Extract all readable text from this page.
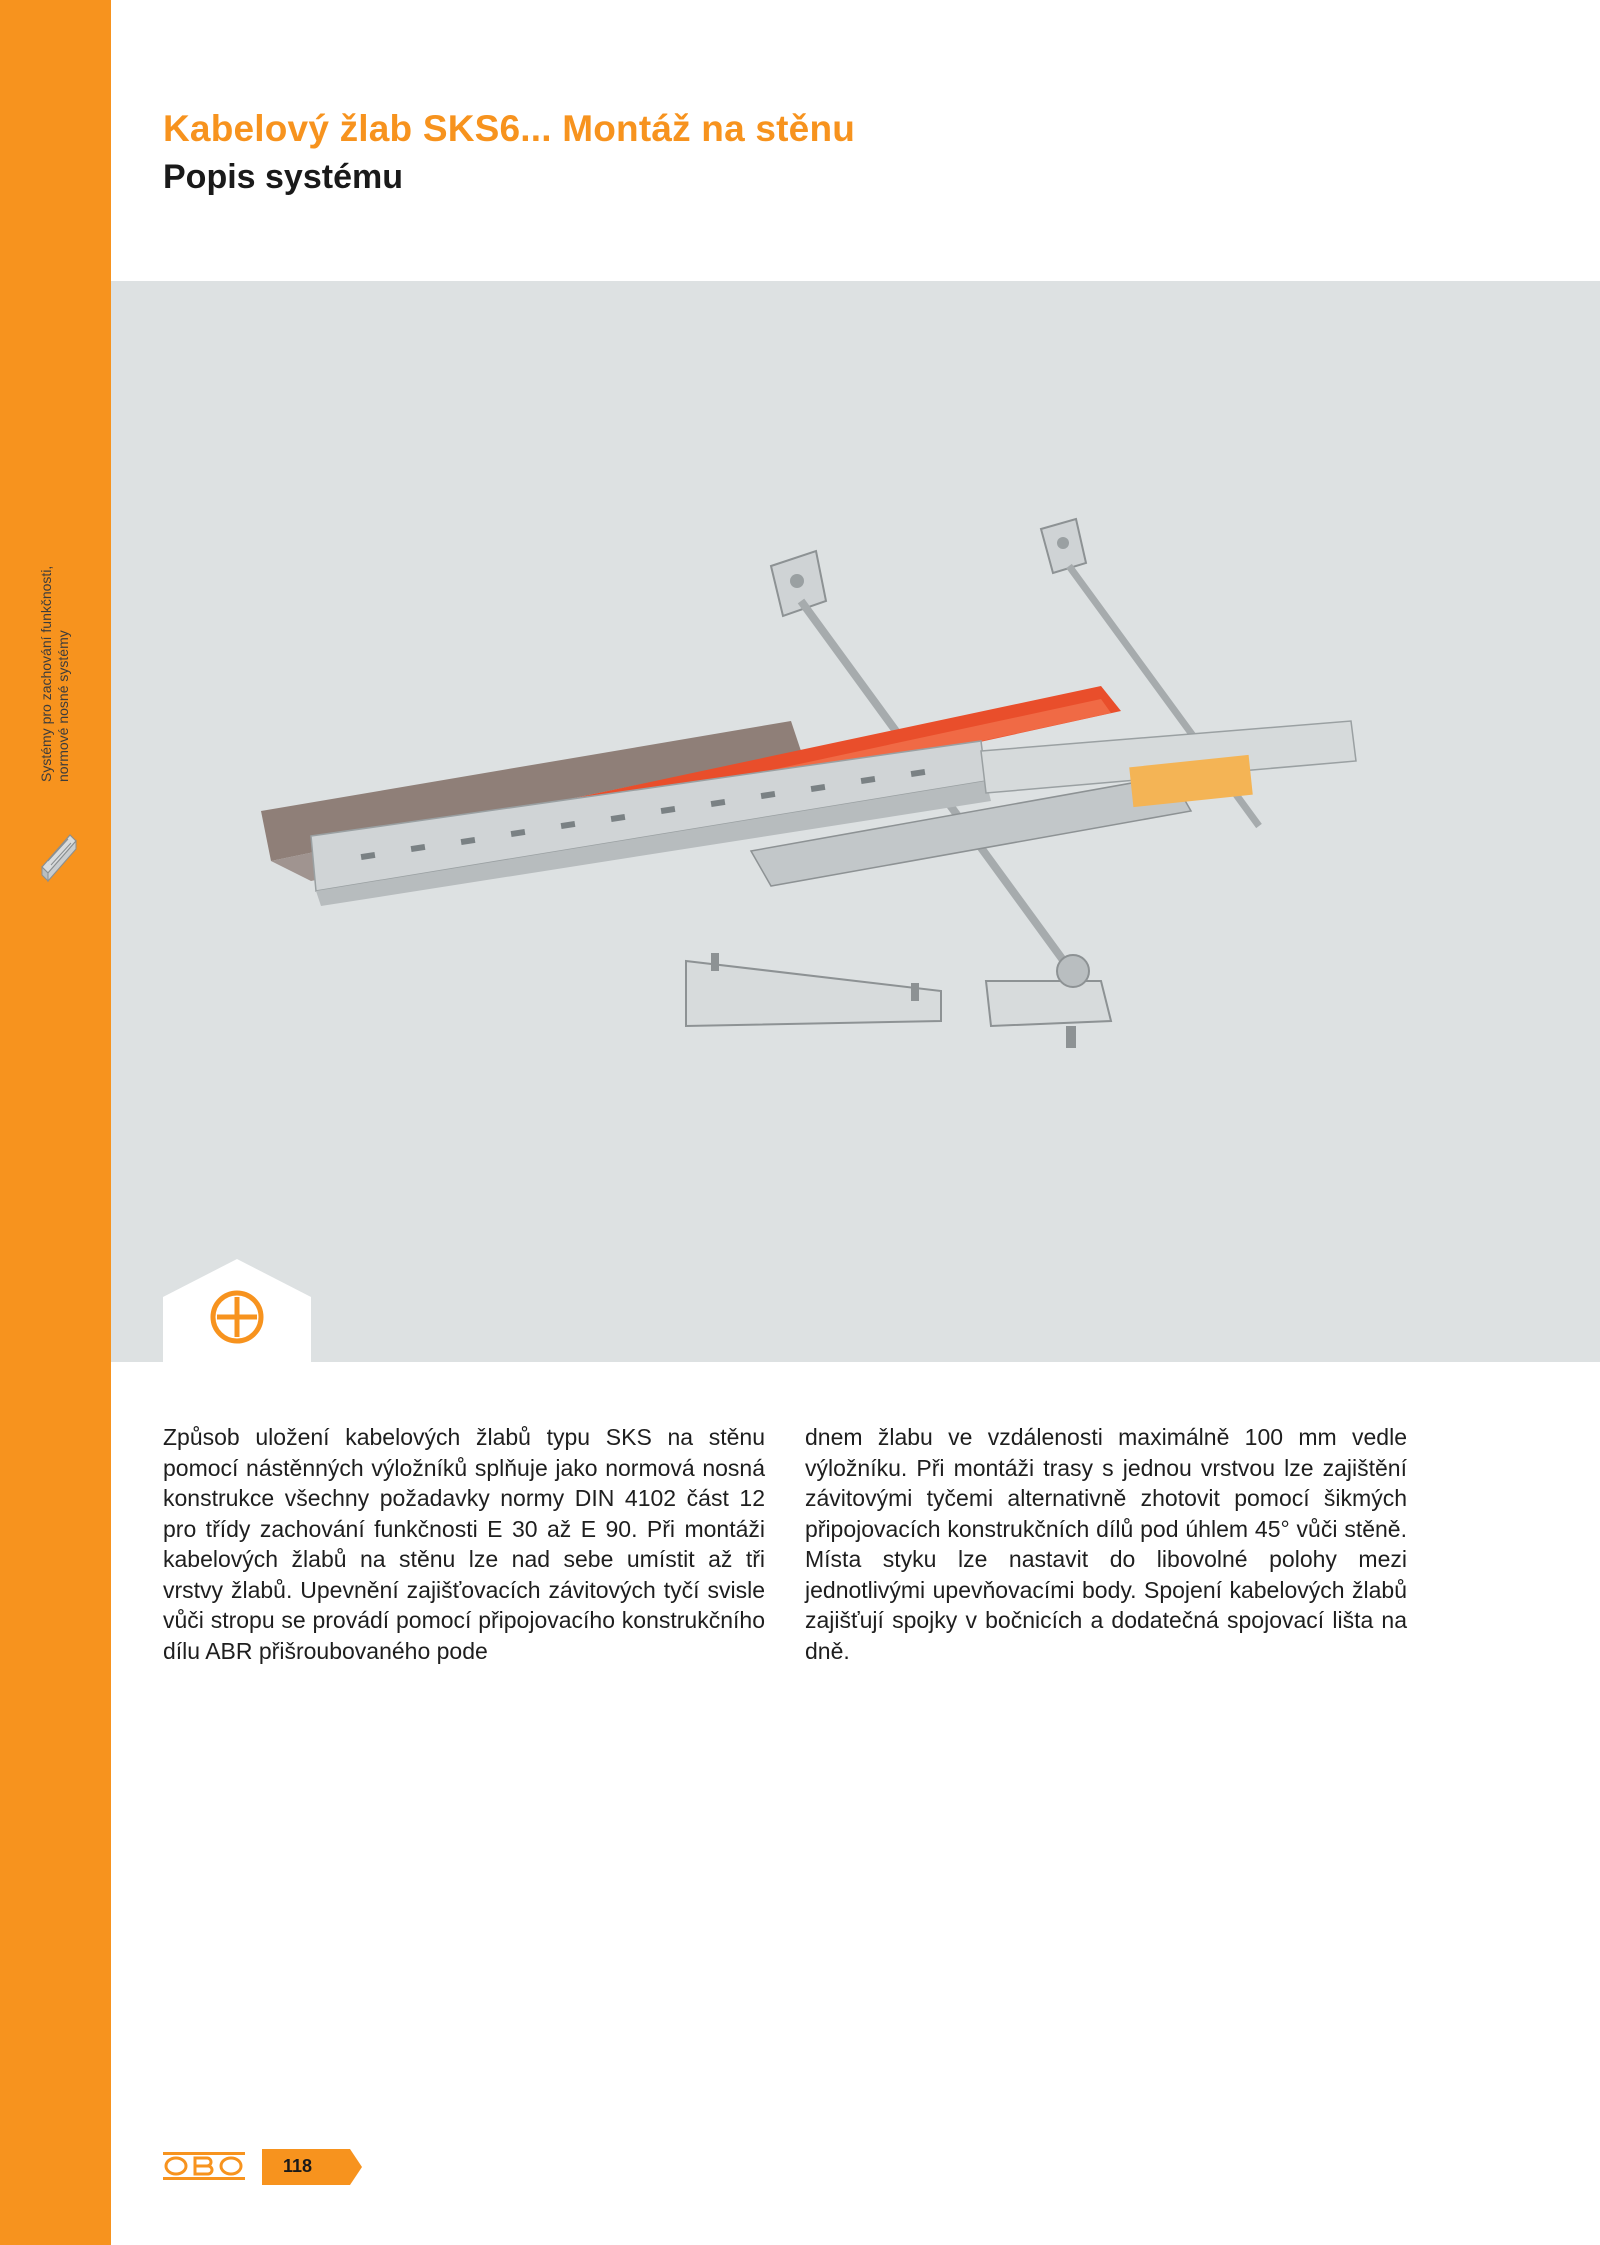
Systémy pro zachování funkčnosti, normové nosné systémy
Kabelový žlab SKS6... Montáž na stěnu
Popis systému

Způsob uložení kabelových žlabů typu SKS na stěnu pomocí nástěnných výložníků splňuje jako normová nosná konstrukce všechny požadavky normy DIN 4102 část 12 pro třídy zachování funkčnosti E 30 až E 90. Při montáži kabelových žlabů na stěnu lze nad sebe umístit až tři vrstvy žlabů. Upevnění zajišťovacích závitových tyčí svisle vůči stropu se provádí pomocí připojovacího konstrukčního dílu ABR přišroubovaného pode

dnem žlabu ve vzdálenosti maximálně 100 mm vedle výložníku. Při montáži trasy s jednou vrstvou lze zajištění závitovými tyčemi alternativně zhotovit pomocí šikmých připojovacích konstrukčních dílů pod úhlem 45° vůči stěně. Místa styku lze nastavit do libovolné polohy mezi jednotlivými upevňovacími body. Spojení kabelových žlabů zajišťují spojky v bočnicích a dodatečná spojovací lišta na dně.

118
